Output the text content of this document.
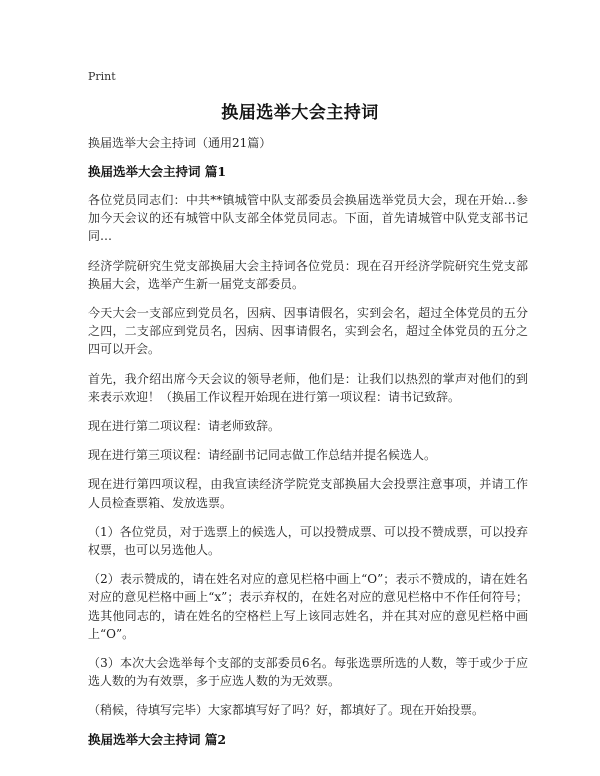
Print
换届选举大会主持词

换届选举大会主持词（通用21篇）

换届选举大会主持词 篇1

各位党员同志们：中共**镇城管中队支部委员会换届选举党员大会，现在开始…参加今天会议的还有城管中队支部全体党员同志。下面，首先请城管中队党支部书记同…

经济学院研究生党支部换届大会主持词各位党员：现在召开经济学院研究生党支部换届大会，选举产生新一届党支部委员。

今天大会一支部应到党员名，因病、因事请假名，实到会名，超过全体党员的五分之四，二支部应到党员名，因病、因事请假名，实到会名，超过全体党员的五分之四可以开会。

首先，我介绍出席今天会议的领导老师，他们是：让我们以热烈的掌声对他们的到来表示欢迎！（换届工作议程开始现在进行第一项议程：请书记致辞。

现在进行第二项议程：请老师致辞。

现在进行第三项议程：请经副书记同志做工作总结并提名候选人。

现在进行第四项议程，由我宣读经济学院党支部换届大会投票注意事项，并请工作人员检查票箱、发放选票。

（1）各位党员，对于选票上的候选人，可以投赞成票、可以投不赞成票，可以投弃权票，也可以另选他人。

（2）表示赞成的，请在姓名对应的意见栏格中画上“O”；表示不赞成的，请在姓名对应的意见栏格中画上“x”；表示弃权的，在姓名对应的意见栏格中不作任何符号；选其他同志的，请在姓名的空格栏上写上该同志姓名，并在其对应的意见栏格中画上“O”。

（3）本次大会选举每个支部的支部委员6名。每张选票所选的人数，等于或少于应选人数的为有效票，多于应选人数的为无效票。

（稍候，待填写完毕）大家都填写好了吗？好，都填好了。现在开始投票。

换届选举大会主持词 篇2
